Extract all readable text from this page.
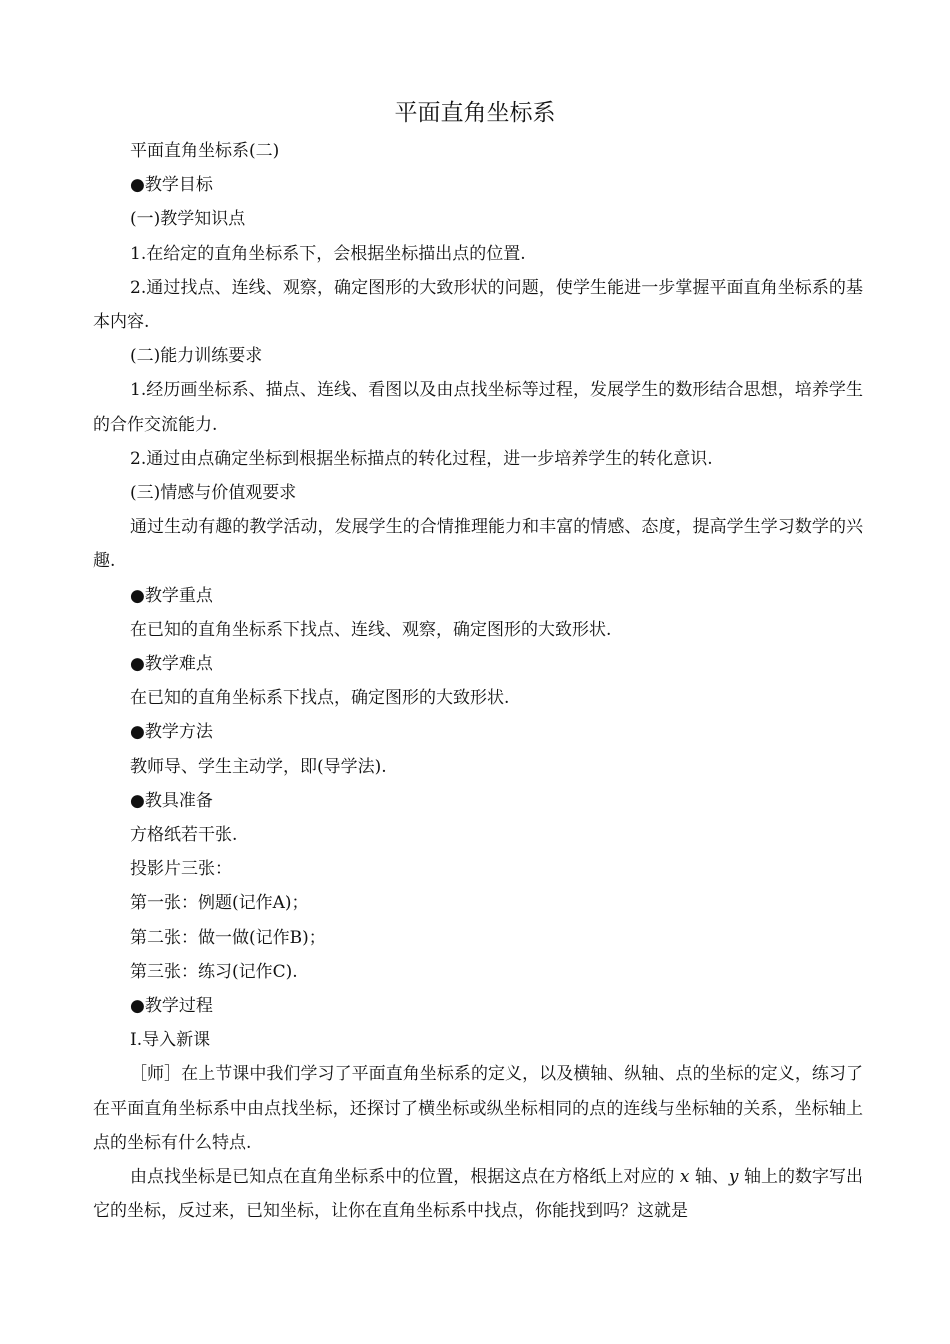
平面直角坐标系

平面直角坐标系(二)

●教学目标

(一)教学知识点

1.在给定的直角坐标系下，会根据坐标描出点的位置.

2.通过找点、连线、观察，确定图形的大致形状的问题，使学生能进一步掌握平面直角坐标系的基本内容.

(二)能力训练要求

1.经历画坐标系、描点、连线、看图以及由点找坐标等过程，发展学生的数形结合思想，培养学生的合作交流能力.

2.通过由点确定坐标到根据坐标描点的转化过程，进一步培养学生的转化意识.

(三)情感与价值观要求

通过生动有趣的教学活动，发展学生的合情推理能力和丰富的情感、态度，提高学生学习数学的兴趣.

●教学重点

在已知的直角坐标系下找点、连线、观察，确定图形的大致形状.

●教学难点

在已知的直角坐标系下找点，确定图形的大致形状.

●教学方法

教师导、学生主动学，即(导学法).

●教具准备

方格纸若干张.

投影片三张：

第一张：例题(记作A)；

第二张：做一做(记作B)；

第三张：练习(记作C).

●教学过程

Ⅰ.导入新课

［师］在上节课中我们学习了平面直角坐标系的定义，以及横轴、纵轴、点的坐标的定义，练习了在平面直角坐标系中由点找坐标，还探讨了横坐标或纵坐标相同的点的连线与坐标轴的关系，坐标轴上点的坐标有什么特点.

由点找坐标是已知点在直角坐标系中的位置，根据这点在方格纸上对应的 x 轴、y 轴上的数字写出它的坐标，反过来，已知坐标，让你在直角坐标系中找点，你能找到吗？这就是
